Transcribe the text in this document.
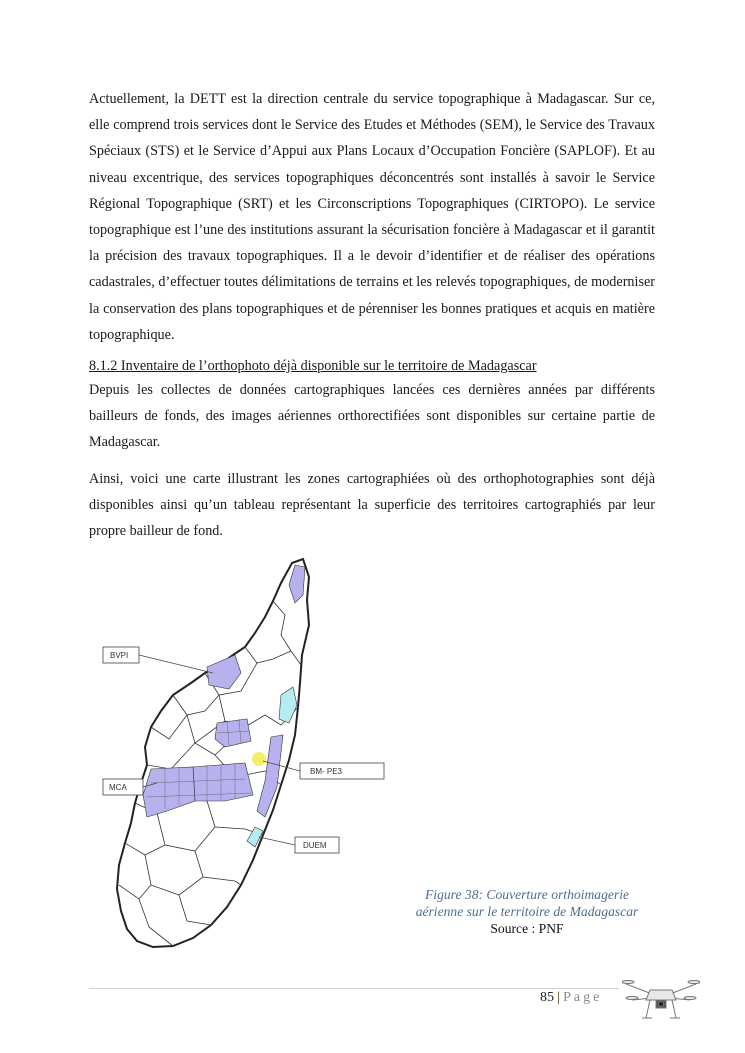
Actuellement, la DETT est la direction centrale du service topographique à Madagascar. Sur ce, elle comprend trois services dont le Service des Etudes et Méthodes (SEM), le Service des Travaux Spéciaux (STS) et le Service d’Appui aux Plans Locaux d’Occupation Foncière (SAPLOF). Et au niveau excentrique, des services topographiques déconcentrés sont installés à savoir le Service Régional Topographique (SRT) et les Circonscriptions Topographiques (CIRTOPO). Le service topographique est l’une des institutions assurant la sécurisation foncière à Madagascar et il garantit la précision des travaux topographiques. Il a le devoir d’identifier et de réaliser des opérations cadastrales, d’effectuer toutes délimitations de terrains et les relevés topographiques, de moderniser la conservation des plans topographiques et de pérenniser les bonnes pratiques et acquis en matière topographique.

8.1.2 Inventaire de l’orthophoto déjà disponible sur le territoire de Madagascar

Depuis les collectes de données cartographiques lancées ces dernières années par différents bailleurs de fonds, des images aériennes orthorectifiées sont disponibles sur certaine partie de Madagascar.

Ainsi, voici une carte illustrant les zones cartographiées où des orthophotographies sont déjà disponibles ainsi qu’un tableau représentant la superficie des territoires cartographiés par leur propre bailleur de fond.

BVPI
BM- PE3
MCA
DUEM
Figure 38: Couverture orthoimagerie
aérienne sur le territoire de Madagascar
Source : PNF
85 | Page
